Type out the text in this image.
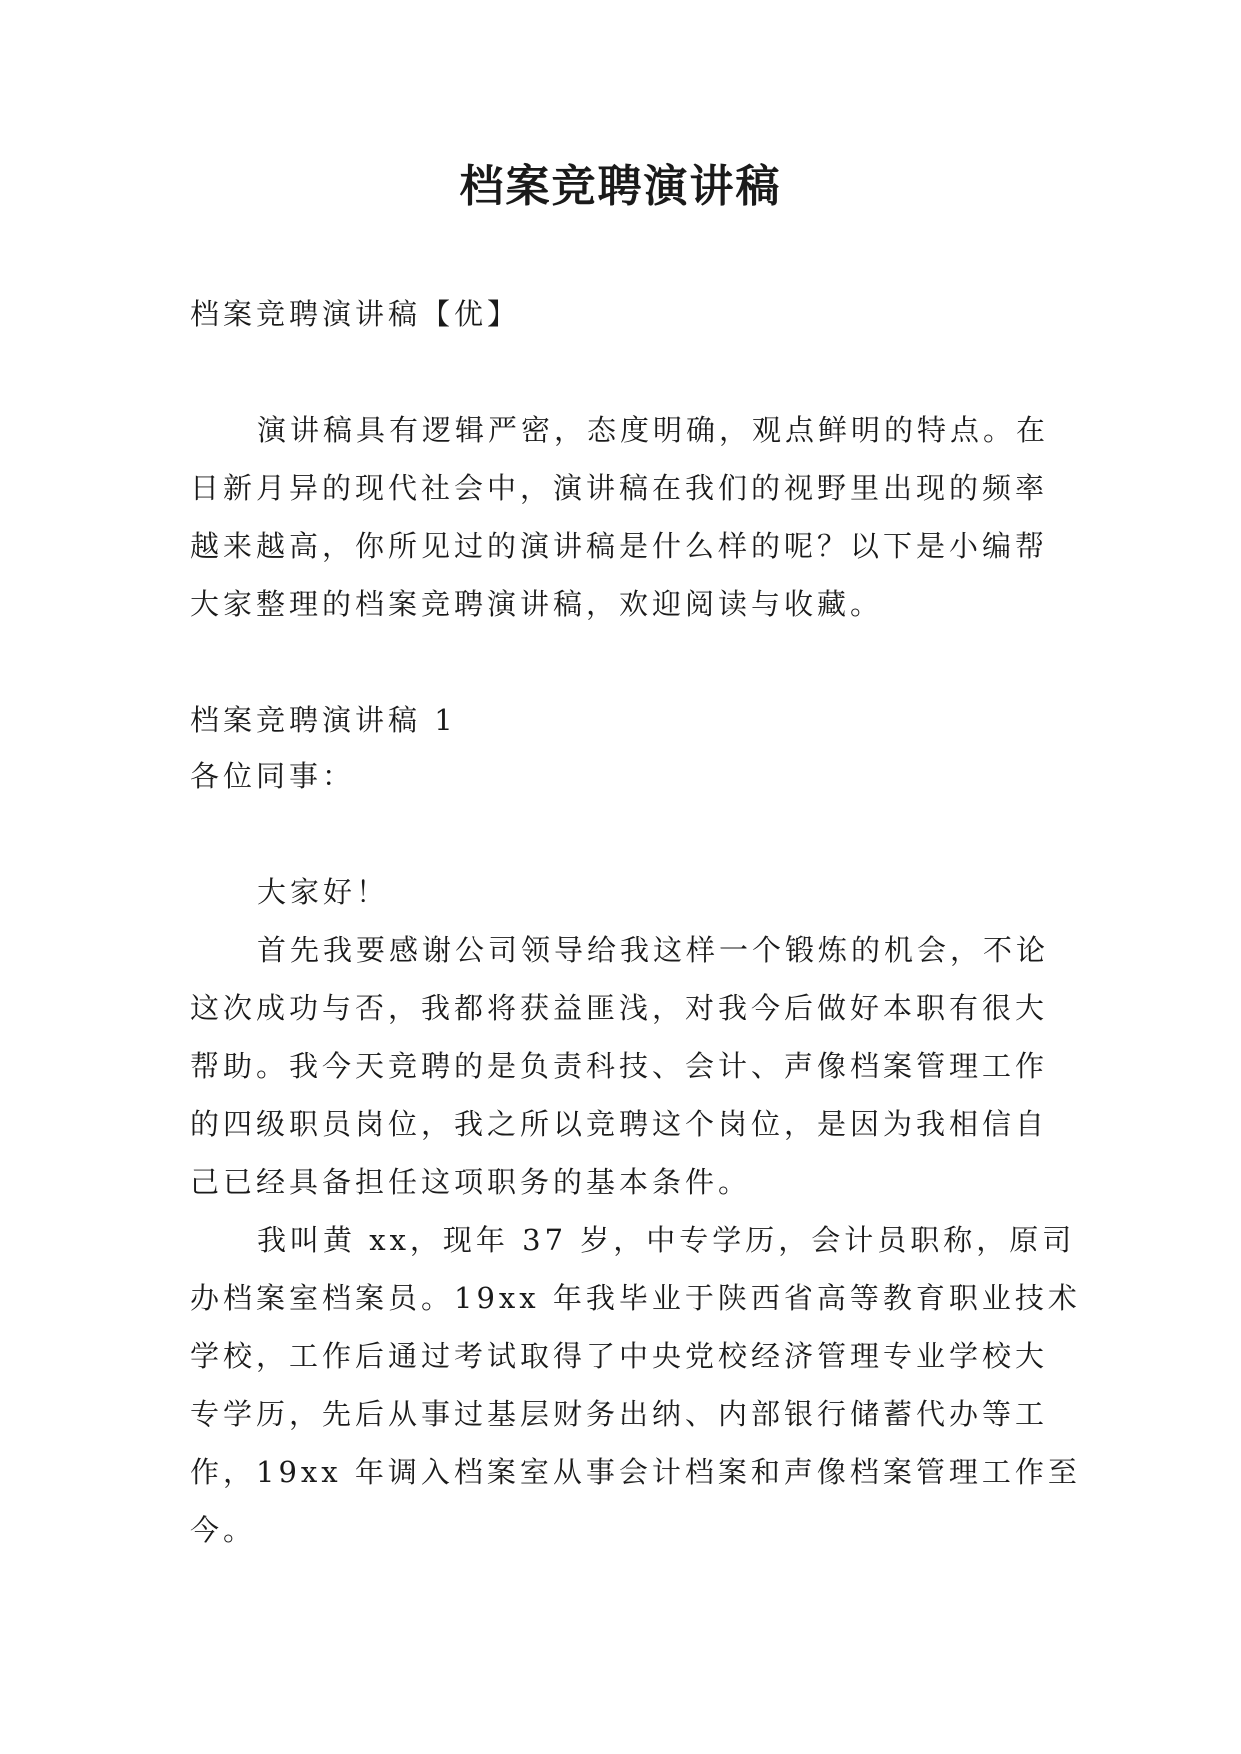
档案竞聘演讲稿
档案竞聘演讲稿【优】
演讲稿具有逻辑严密，态度明确，观点鲜明的特点。在
日新月异的现代社会中，演讲稿在我们的视野里出现的频率
越来越高，你所见过的演讲稿是什么样的呢？以下是小编帮
大家整理的档案竞聘演讲稿，欢迎阅读与收藏。
档案竞聘演讲稿 1
各位同事：
大家好！
首先我要感谢公司领导给我这样一个锻炼的机会，不论
这次成功与否，我都将获益匪浅，对我今后做好本职有很大
帮助。我今天竞聘的是负责科技、会计、声像档案管理工作
的四级职员岗位，我之所以竞聘这个岗位，是因为我相信自
己已经具备担任这项职务的基本条件。
我叫黄 xx，现年 37 岁，中专学历，会计员职称，原司
办档案室档案员。19xx 年我毕业于陕西省高等教育职业技术
学校，工作后通过考试取得了中央党校经济管理专业学校大
专学历，先后从事过基层财务出纳、内部银行储蓄代办等工
作，19xx 年调入档案室从事会计档案和声像档案管理工作至
今。
